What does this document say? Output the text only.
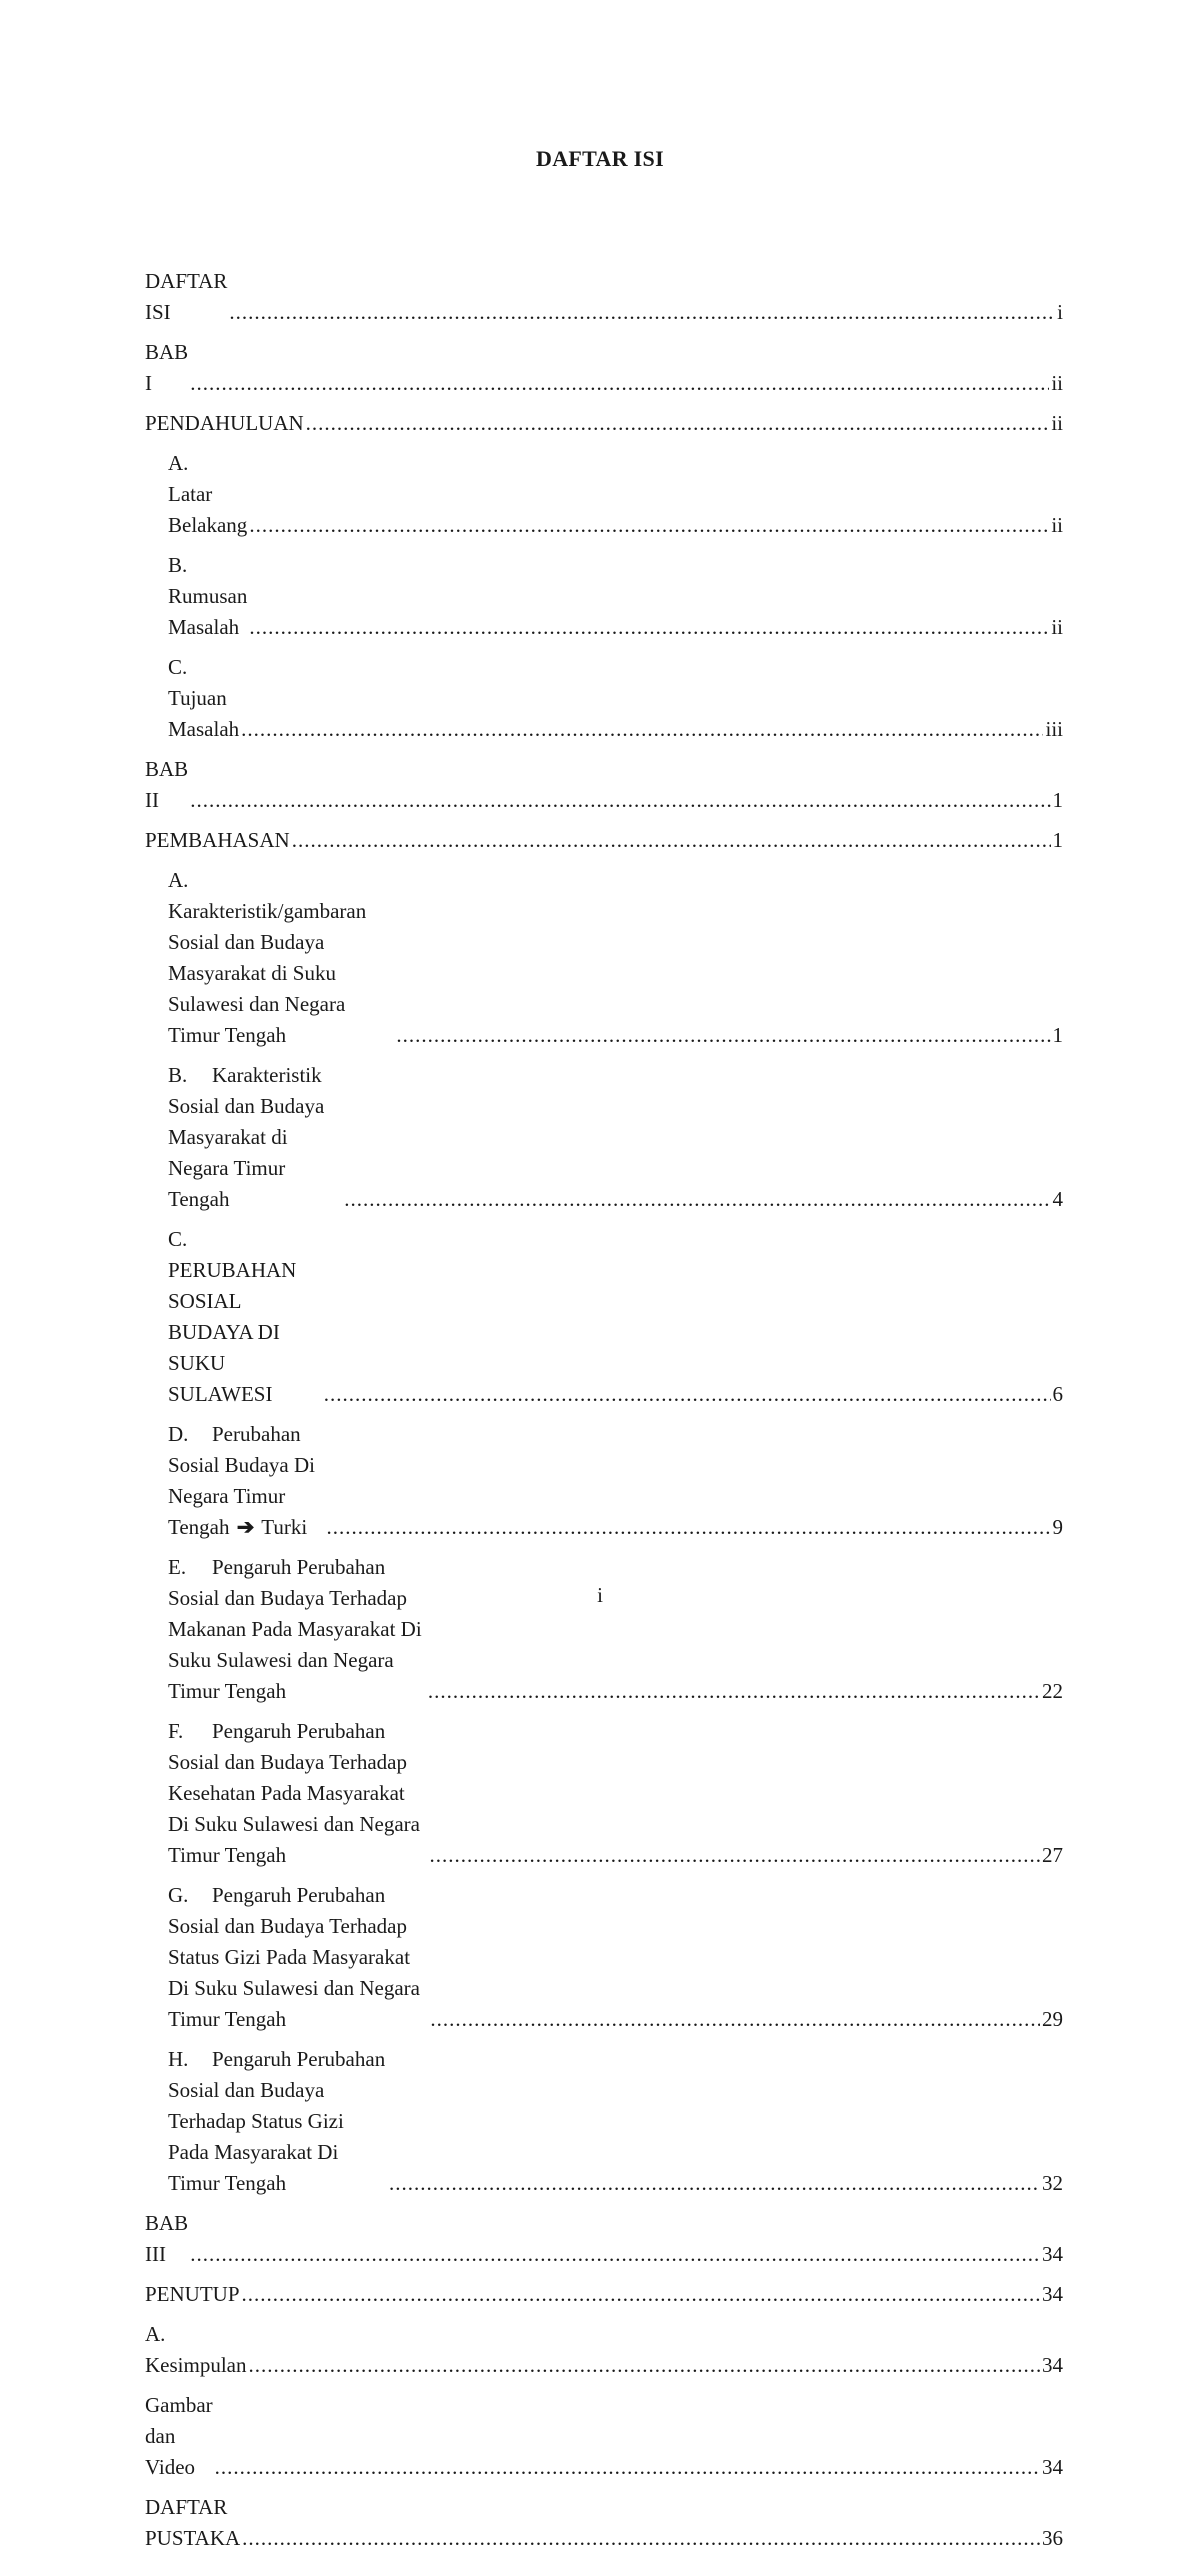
DAFTAR ISI
DAFTAR ISI .....	i
BAB I .....	ii
PENDAHULUAN .....	ii
A.Latar Belakang .....	ii
B.Rumusan Masalah .....	ii
C.Tujuan Masalah .....	iii
BAB II .....	1
PEMBAHASAN .....	1
A.Karakteristik/gambaran Sosial dan Budaya Masyarakat di Suku Sulawesi dan Negara Timur Tengah .....	1
B. Karakteristik Sosial dan Budaya Masyarakat di Negara Timur Tengah .....	4
C.PERUBAHAN SOSIAL BUDAYA DI SUKU SULAWESI .....	6
D. Perubahan Sosial Budaya Di Negara Timur Tengah ➔ Turki .....	9
E. Pengaruh Perubahan Sosial dan Budaya Terhadap Makanan Pada Masyarakat Di Suku Sulawesi dan Negara Timur Tengah .....	22
F. Pengaruh Perubahan Sosial dan Budaya Terhadap Kesehatan Pada Masyarakat Di Suku Sulawesi dan Negara Timur Tengah .....	27
G. Pengaruh Perubahan Sosial dan Budaya Terhadap Status Gizi Pada Masyarakat Di Suku Sulawesi dan Negara Timur Tengah .....	29
H. Pengaruh Perubahan Sosial dan Budaya Terhadap Status Gizi Pada Masyarakat Di Timur Tengah .....	32
BAB III .....	34
PENUTUP .....	34
A. Kesimpulan .....	34
Gambar dan Video .....	34
DAFTAR PUSTAKA .....	36
i
